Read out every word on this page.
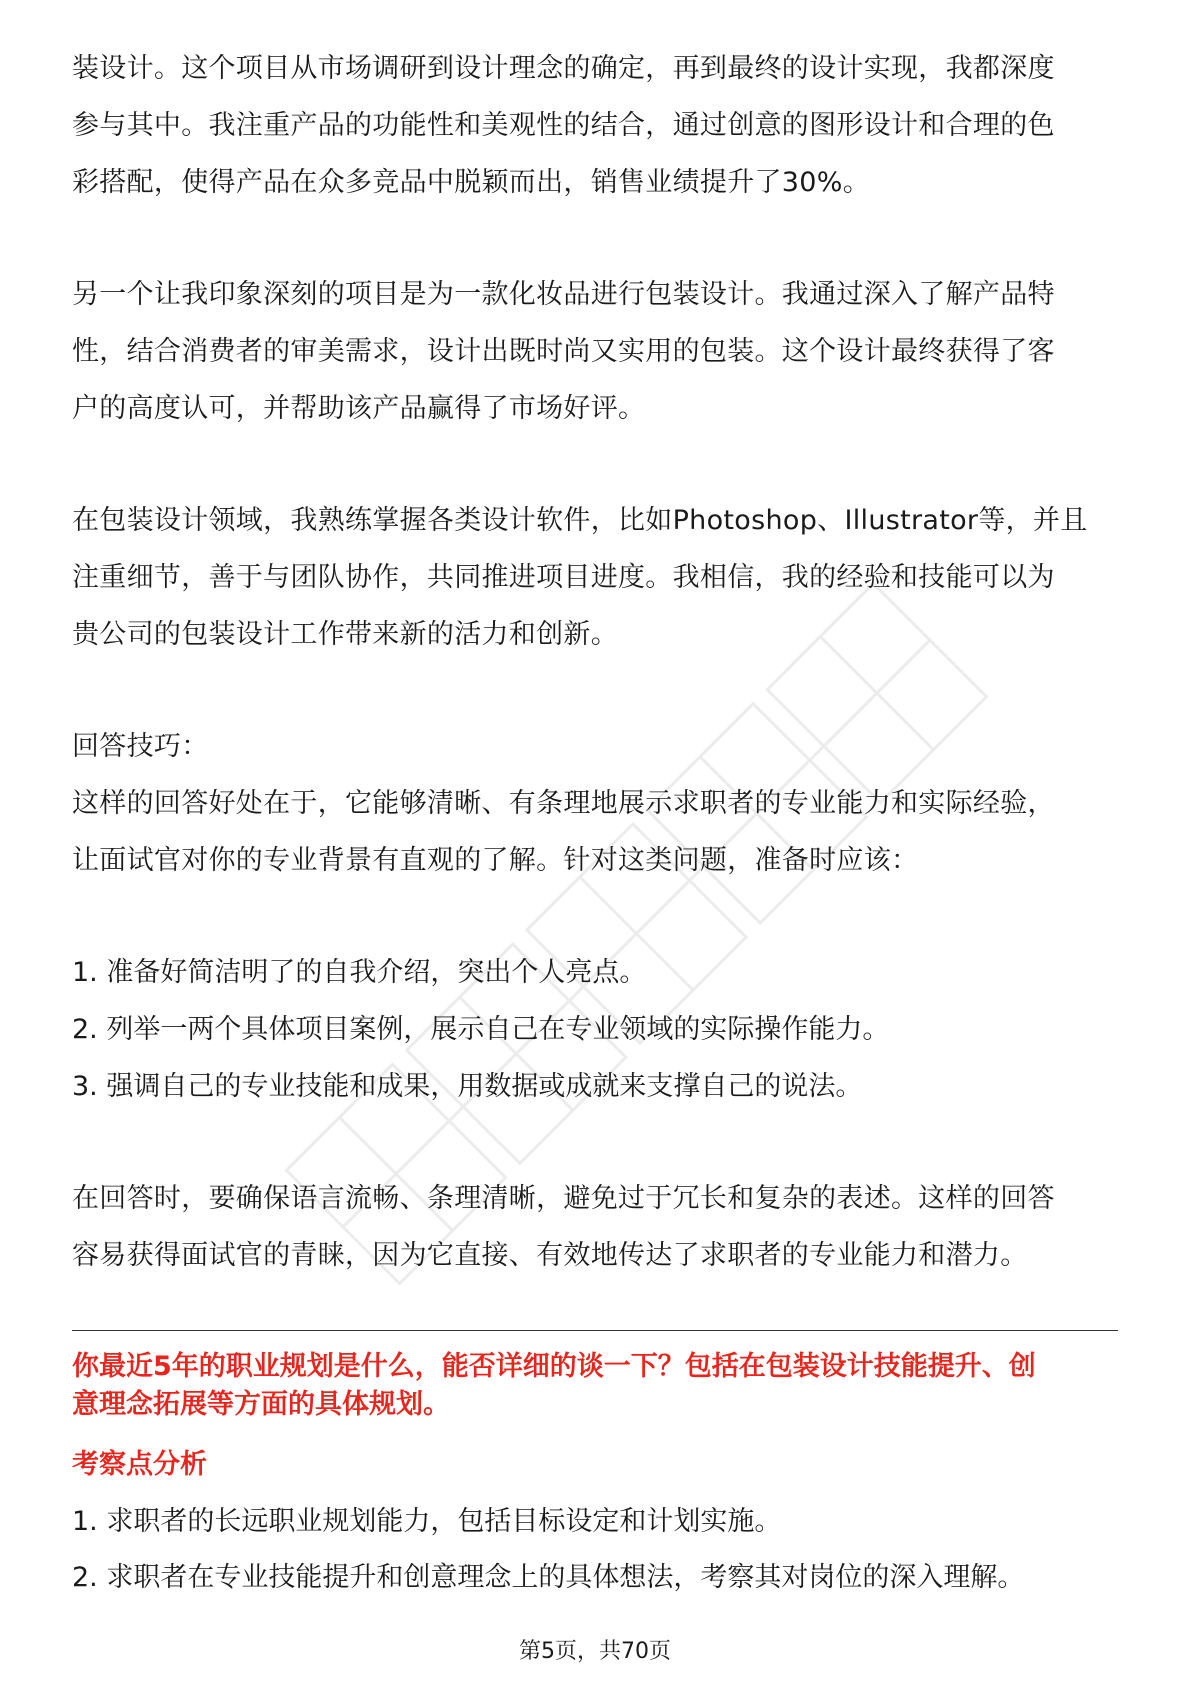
装设计。这个项目从市场调研到设计理念的确定，再到最终的设计实现，我都深度

参与其中。我注重产品的功能性和美观性的结合，通过创意的图形设计和合理的色

彩搭配，使得产品在众多竞品中脱颖而出，销售业绩提升了30%。

另一个让我印象深刻的项目是为一款化妆品进行包装设计。我通过深入了解产品特

性，结合消费者的审美需求，设计出既时尚又实用的包装。这个设计最终获得了客

户的高度认可，并帮助该产品赢得了市场好评。

在包装设计领域，我熟练掌握各类设计软件，比如Photoshop、Illustrator等，并且

注重细节，善于与团队协作，共同推进项目进度。我相信，我的经验和技能可以为

贵公司的包装设计工作带来新的活力和创新。

回答技巧：

这样的回答好处在于，它能够清晰、有条理地展示求职者的专业能力和实际经验，

让面试官对你的专业背景有直观的了解。针对这类问题，准备时应该：

1. 准备好简洁明了的自我介绍，突出个人亮点。

2. 列举一两个具体项目案例，展示自己在专业领域的实际操作能力。

3. 强调自己的专业技能和成果，用数据或成就来支撑自己的说法。

在回答时，要确保语言流畅、条理清晰，避免过于冗长和复杂的表述。这样的回答

容易获得面试官的青睐，因为它直接、有效地传达了求职者的专业能力和潜力。

你最近5年的职业规划是什么，能否详细的谈一下？包括在包装设计技能提升、创
意理念拓展等方面的具体规划。

考察点分析

1. 求职者的长远职业规划能力，包括目标设定和计划实施。

2. 求职者在专业技能提升和创意理念上的具体想法，考察其对岗位的深入理解。

第5页，共70页
